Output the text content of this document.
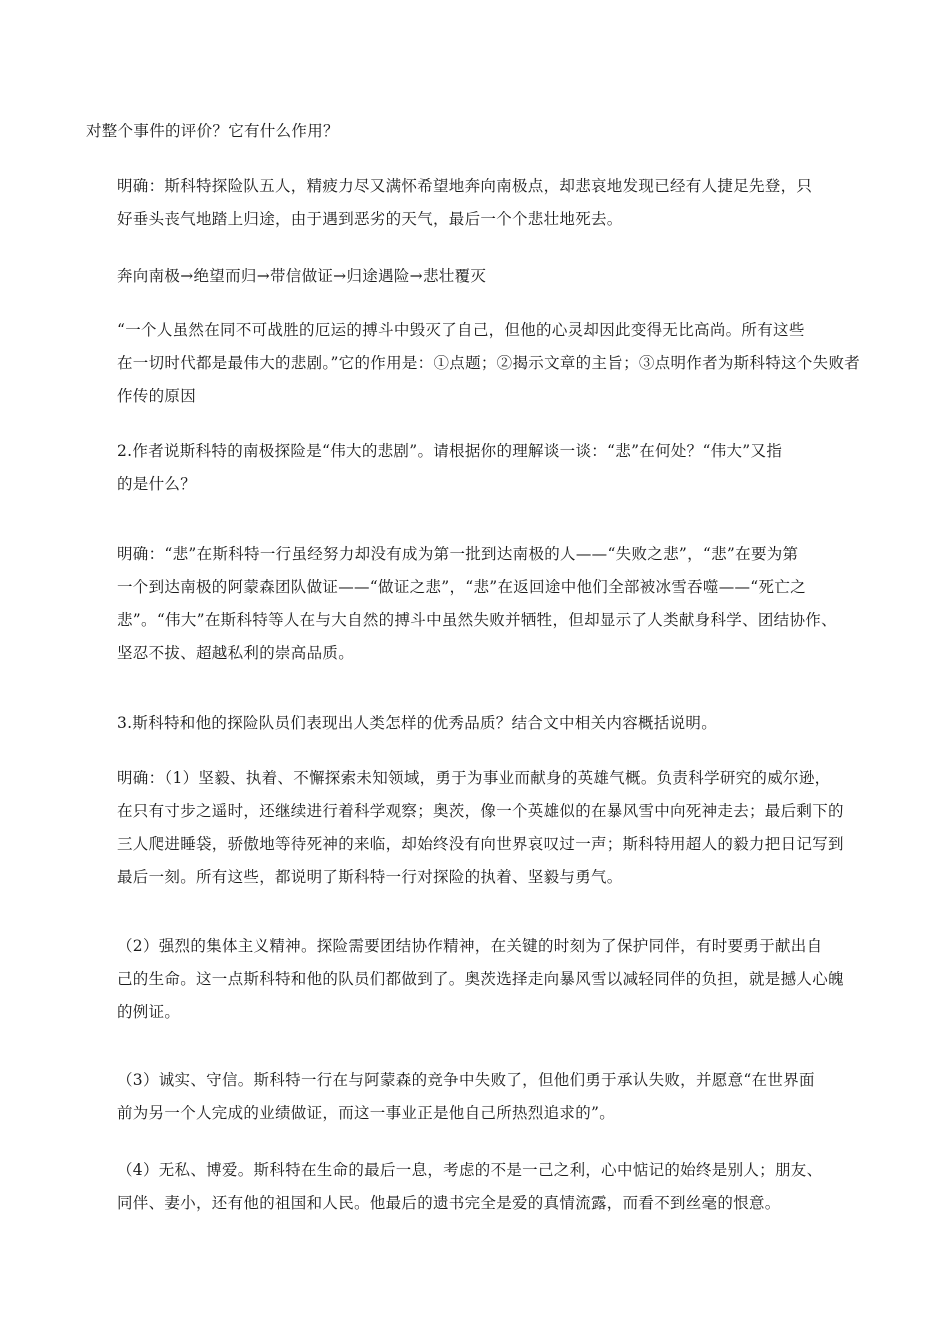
对整个事件的评价？它有什么作用？

明确：斯科特探险队五人，精疲力尽又满怀希望地奔向南极点，却悲哀地发现已经有人捷足先登，只
好垂头丧气地踏上归途，由于遇到恶劣的天气，最后一个个悲壮地死去。

奔向南极→绝望而归→带信做证→归途遇险→悲壮覆灭

“一个人虽然在同不可战胜的厄运的搏斗中毁灭了自己，但他的心灵却因此变得无比高尚。所有这些
在一切时代都是最伟大的悲剧。”它的作用是：①点题；②揭示文章的主旨；③点明作者为斯科特这个失败者
作传的原因

2.作者说斯科特的南极探险是“伟大的悲剧”。请根据你的理解谈一谈：“悲”在何处？“伟大”又指
的是什么？

明确：“悲”在斯科特一行虽经努力却没有成为第一批到达南极的人——“失败之悲”，“悲”在要为第
一个到达南极的阿蒙森团队做证——“做证之悲”，“悲”在返回途中他们全部被冰雪吞噬——“死亡之
悲”。“伟大”在斯科特等人在与大自然的搏斗中虽然失败并牺牲，但却显示了人类献身科学、团结协作、
坚忍不拔、超越私利的崇高品质。

3.斯科特和他的探险队员们表现出人类怎样的优秀品质？结合文中相关内容概括说明。

明确：（1）坚毅、执着、不懈探索未知领域，勇于为事业而献身的英雄气概。负责科学研究的威尔逊，
在只有寸步之遥时，还继续进行着科学观察；奥茨，像一个英雄似的在暴风雪中向死神走去；最后剩下的
三人爬进睡袋，骄傲地等待死神的来临，却始终没有向世界哀叹过一声；斯科特用超人的毅力把日记写到
最后一刻。所有这些，都说明了斯科特一行对探险的执着、坚毅与勇气。

（2）强烈的集体主义精神。探险需要团结协作精神，在关键的时刻为了保护同伴，有时要勇于献出自
己的生命。这一点斯科特和他的队员们都做到了。奥茨选择走向暴风雪以减轻同伴的负担，就是撼人心魄
的例证。

（3）诚实、守信。斯科特一行在与阿蒙森的竞争中失败了，但他们勇于承认失败，并愿意“在世界面
前为另一个人完成的业绩做证，而这一事业正是他自己所热烈追求的”。

（4）无私、博爱。斯科特在生命的最后一息，考虑的不是一己之利，心中惦记的始终是别人；朋友、
同伴、妻小，还有他的祖国和人民。他最后的遗书完全是爱的真情流露，而看不到丝毫的恨意。
